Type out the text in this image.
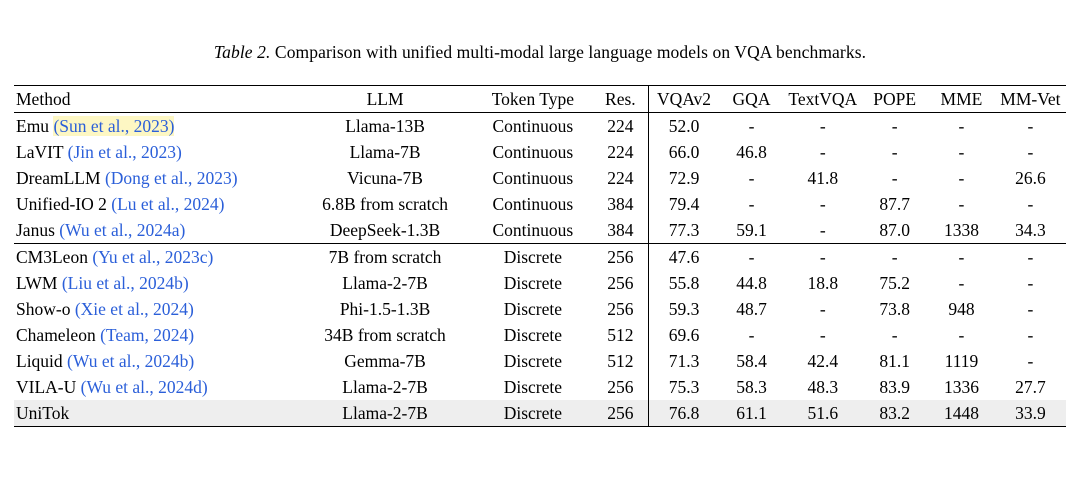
Table 2. Comparison with unified multi-modal large language models on VQA benchmarks.
Method	LLM	Token Type	Res.	VQAv2	GQA	TextVQA	POPE	MME	MM-Vet
Emu (Sun et al., 2023)	Llama-13B	Continuous	224	52.0	-	-	-	-	-
LaVIT (Jin et al., 2023)	Llama-7B	Continuous	224	66.0	46.8	-	-	-	-
DreamLLM (Dong et al., 2023)	Vicuna-7B	Continuous	224	72.9	-	41.8	-	-	26.6
Unified-IO 2 (Lu et al., 2024)	6.8B from scratch	Continuous	384	79.4	-	-	87.7	-	-
Janus (Wu et al., 2024a)	DeepSeek-1.3B	Continuous	384	77.3	59.1	-	87.0	1338	34.3
CM3Leon (Yu et al., 2023c)	7B from scratch	Discrete	256	47.6	-	-	-	-	-
LWM (Liu et al., 2024b)	Llama-2-7B	Discrete	256	55.8	44.8	18.8	75.2	-	-
Show-o (Xie et al., 2024)	Phi-1.5-1.3B	Discrete	256	59.3	48.7	-	73.8	948	-
Chameleon (Team, 2024)	34B from scratch	Discrete	512	69.6	-	-	-	-	-
Liquid (Wu et al., 2024b)	Gemma-7B	Discrete	512	71.3	58.4	42.4	81.1	1119	-
VILA-U (Wu et al., 2024d)	Llama-2-7B	Discrete	256	75.3	58.3	48.3	83.9	1336	27.7
UniTok	Llama-2-7B	Discrete	256	76.8	61.1	51.6	83.2	1448	33.9
